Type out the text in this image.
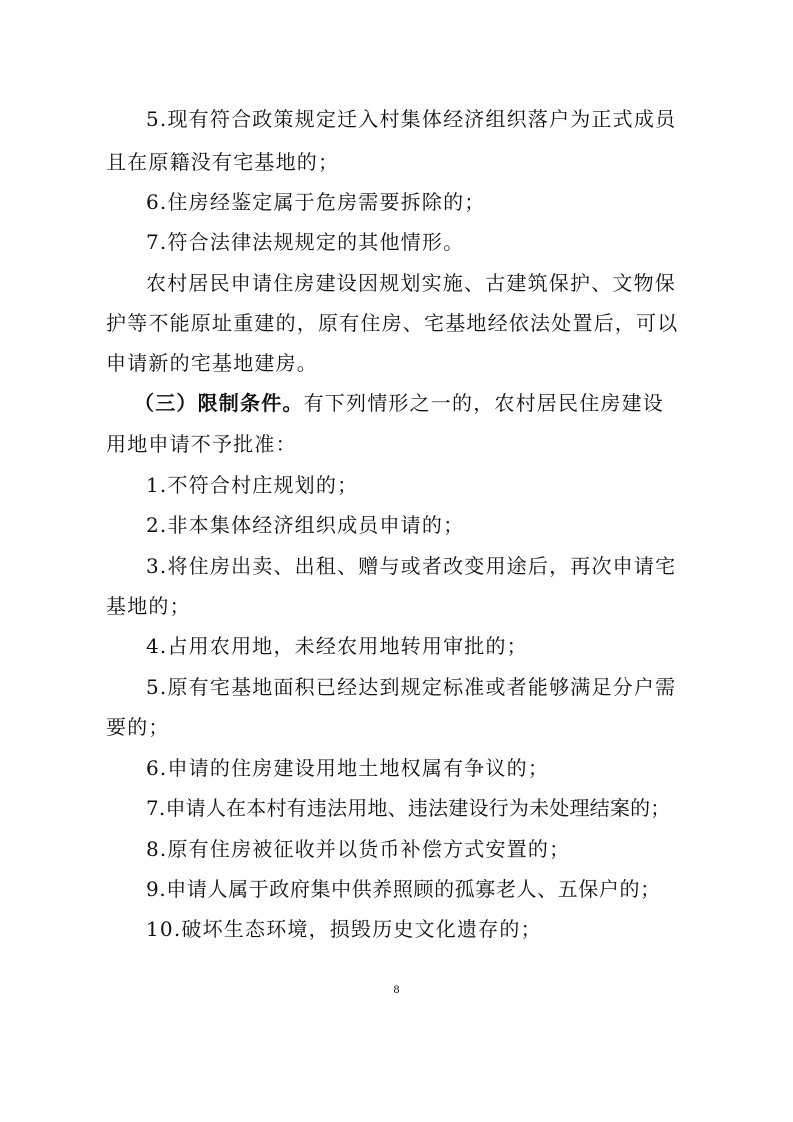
5.现有符合政策规定迁入村集体经济组织落户为正式成员
且在原籍没有宅基地的；
6.住房经鉴定属于危房需要拆除的；
7.符合法律法规规定的其他情形。
农村居民申请住房建设因规划实施、古建筑保护、文物保
护等不能原址重建的，原有住房、宅基地经依法处置后，可以
申请新的宅基地建房。
（三）限制条件。有下列情形之一的，农村居民住房建设
用地申请不予批准：
1.不符合村庄规划的；
2.非本集体经济组织成员申请的；
3.将住房出卖、出租、赠与或者改变用途后，再次申请宅
基地的；
4.占用农用地，未经农用地转用审批的；
5.原有宅基地面积已经达到规定标准或者能够满足分户需
要的；
6.申请的住房建设用地土地权属有争议的；
7.申请人在本村有违法用地、违法建设行为未处理结案的；
8.原有住房被征收并以货币补偿方式安置的；
9.申请人属于政府集中供养照顾的孤寡老人、五保户的；
10.破坏生态环境，损毁历史文化遗存的；
8
